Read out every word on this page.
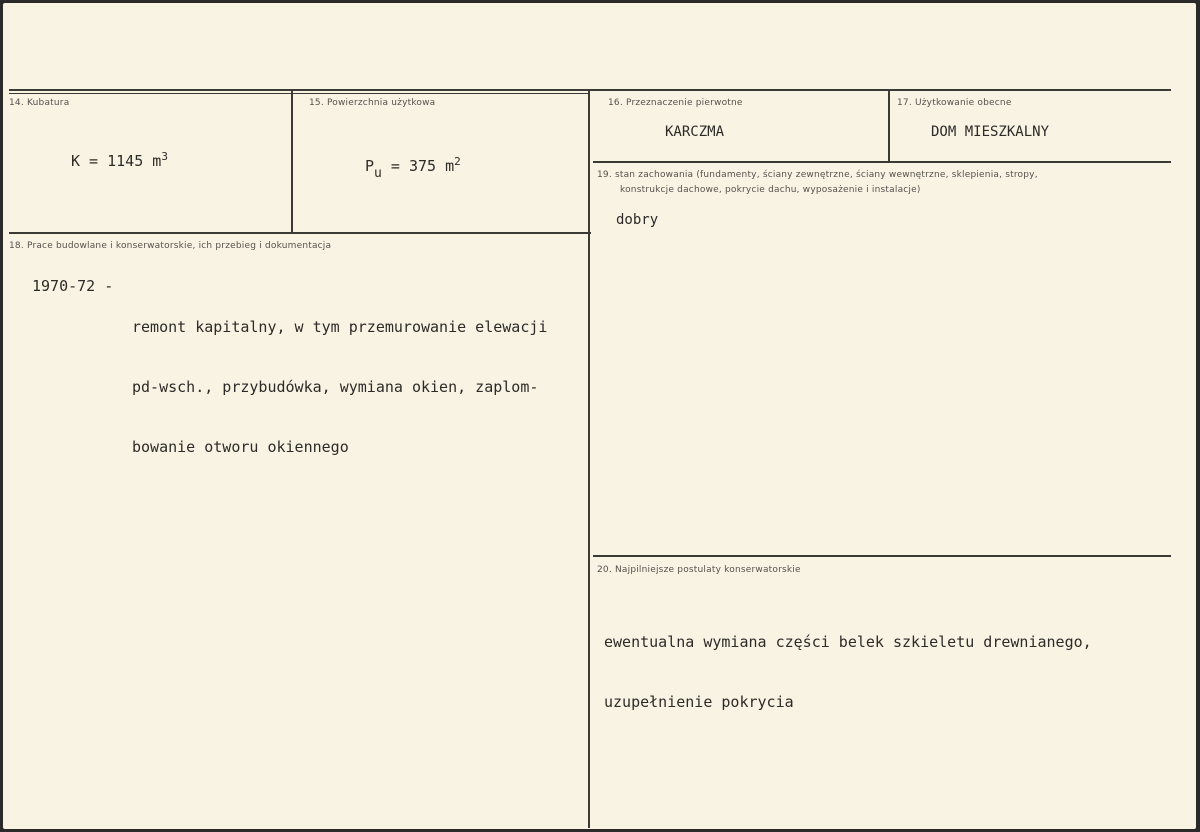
14. Kubatura
K = 1145 $m^3$
15. Powierzchnia użytkowa
$P_u = 375$ $m^2$
16. Przeznaczenie pierwotne
KARCZMA
17. Użytkowanie obecne
DOM MIESZKALNY
18. Prace budowlane i konserwatorskie, ich przebieg i dokumentacja
1970-72 -

remont kapitalny, w tym przemurowanie elewacji

pd-wsch., przybudówka, wymiana okien, zaplom-

bowanie otworu okiennego

19. stan zachowania (fundamenty, ściany zewnętrzne, ściany wewnętrzne, sklepienia, stropy,
konstrukcje dachowe, pokrycie dachu, wyposażenie i instalacje)
dobry
20. Najpilniejsze postulaty konserwatorskie

ewentualna wymiana części belek szkieletu drewnianego,

uzupełnienie pokrycia
